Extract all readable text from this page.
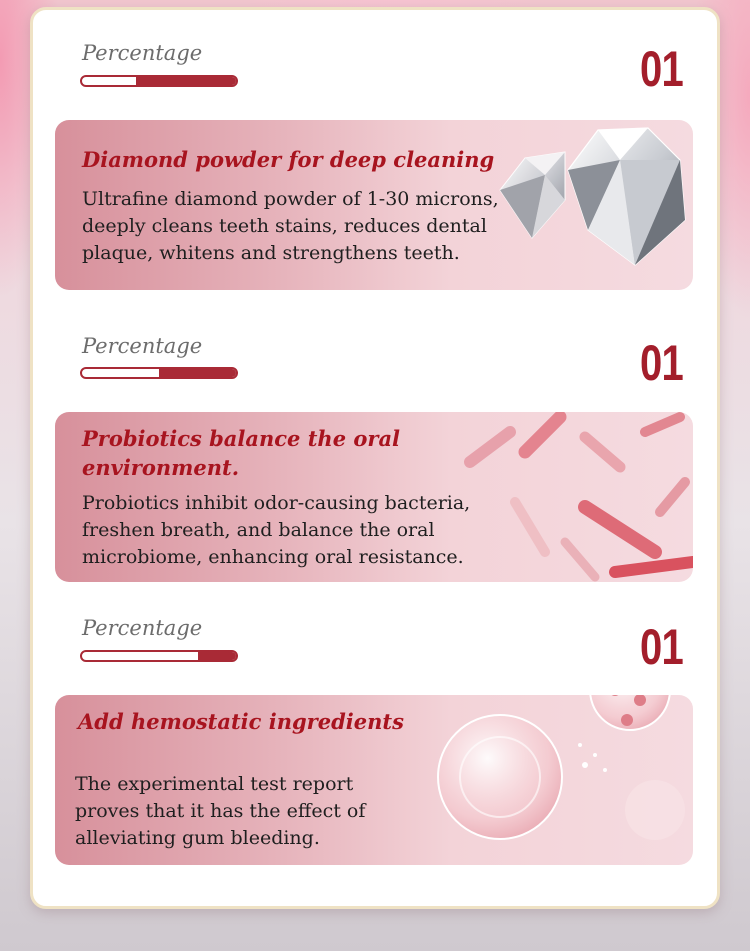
Percentage	01
Diamond powder for deep cleaning
Ultrafine diamond powder of 1-30 microns, deeply cleans teeth stains, reduces dental plaque, whitens and strengthens teeth.
Percentage	01
Probiotics balance the oral environment.
Probiotics inhibit odor-causing bacteria, freshen breath, and balance the oral microbiome, enhancing oral resistance.
Percentage	01
Add hemostatic ingredients
The experimental test report proves that it has the effect of alleviating gum bleeding.
